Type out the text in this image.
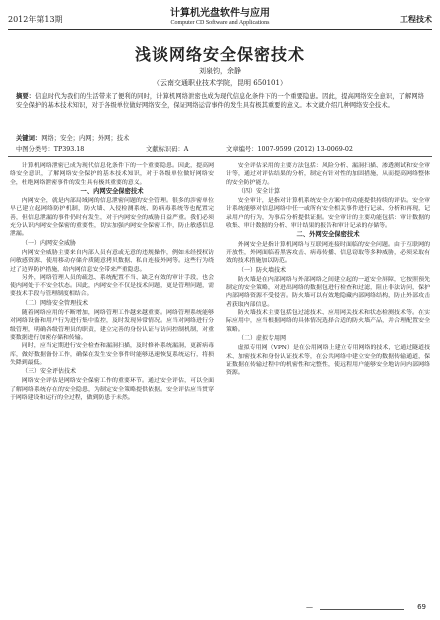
2012年第13期
计算机光盘软件与应用
Computer CD Software and Applications	工程技术
浅谈网络安全保密技术
刘泉钧，余静
（云南交通职业技术学院，昆明 650101）
摘要：信息时代为我们的生活带来了便利的同时，计算机网络泄密也成为现代信息化条件下的一个重要隐患。因此，提高网络安全意识，了解网络安全保护的基本技术知识，对于各级单位做好网络安全，保证网络运营事件的发生具有极其重要的意义。本文就介绍几种网络安全技术。
关键词：网络；安全；内网；外网；技术
中图分类号：TP393.18	文献标识码：A	文章编号：1007-9599 (2012) 13-0069-02

计算机网络泄密已成为现代信息化条件下的一个重要隐患。因此，提高网络安全意识，了解网络安全保护的基本技术知识，对于各级单位做好网络安全，杜绝网络泄密事件的发生具有极其重要的意义。

一、内网安全保密技术

内网安全，就是内部局域网的信息泄密问题的安全管理。很多的涉密单位早已建立起网络防护机制，防火墙、入侵检测系统、防病毒系统等也配置完善，但信息泄漏的事件仍时有发生，对于内网安全的威胁日益严重。我们必须充分认识内网安全保密的重要性，切实加强内网安全保密工作，防止敏感信息泄漏。

（一）内网安全威胁

内网安全威胁主要来自内部人员有意或无意的违规操作，例如未经授权访问敏感资源、使用移动存储介质随意拷贝数据、私自连接外网等。这些行为绕过了边界防护措施，给内网信息安全带来严重隐患。

另外，网络管理人员的疏忽、系统配置不当、缺乏有效的审计手段，也会使内网处于不安全状态。因此，内网安全不仅是技术问题，更是管理问题，需要技术手段与管理制度相结合。

（二）网络安全管理技术

随着网络应用的不断增加，网络管理工作越来越重要。网络管理系统能够对网络设备和用户行为进行集中监控，及时发现异常情况。应当对网络进行分级管理，明确各级管理员的职责，建立完善的身份认证与访问控制机制，对重要数据进行加密存储和传输。

同时，应当定期进行安全检查和漏洞扫描，及时修补系统漏洞，更新病毒库，做好数据备份工作，确保在发生安全事件时能够迅速恢复系统运行，将损失降到最低。

（三）安全评估技术

网络安全评估是网络安全保密工作的重要环节。通过安全评估，可以全面了解网络系统存在的安全隐患，为制定安全策略提供依据。安全评估应当贯穿于网络建设和运行的全过程，做到防患于未然。

安全评估采用的主要方法包括：风险分析、漏洞扫描、渗透测试和安全审计等，通过对评估结果的分析，制定有针对性的加固措施，从而提高网络整体的安全防护能力。

（四）安全计算

安全审计，是指对计算机系统安全方案中的功能提供持续的评估。安全审计系统能够对信息网络中任一或所有安全相关事件进行记录、分析和再现，记录用户的行为，为事后分析提供证据。安全审计的主要功能包括：审计数据的收集、审计数据的分析、审计结果的报告和审计记录的存储等。

二、外网安全保密技术

外网安全是指计算机网络与互联网连接时面临的安全问题。由于互联网的开放性，外网面临着黑客攻击、病毒传播、信息窃取等多种威胁，必须采取有效的技术措施加以防范。

（一）防火墙技术

防火墙是在内部网络与外部网络之间建立起的一道安全屏障，它按照预先制定的安全策略，对进出网络的数据包进行检查和过滤，阻止非法访问，保护内部网络资源不受侵害。防火墙可以有效地隐藏内部网络结构，防止外部攻击者获取内部信息。

防火墙技术主要包括包过滤技术、应用网关技术和状态检测技术等。在实际应用中，应当根据网络的具体情况选择合适的防火墙产品，并合理配置安全策略。

（二）虚拟专用网

虚拟专用网（VPN）是在公用网络上建立专用网络的技术，它通过隧道技术、加密技术和身份认证技术等，在公共网络中建立安全的数据传输通道，保证数据在传输过程中的机密性和完整性，使远程用户能够安全地访问内部网络资源。

—	69
